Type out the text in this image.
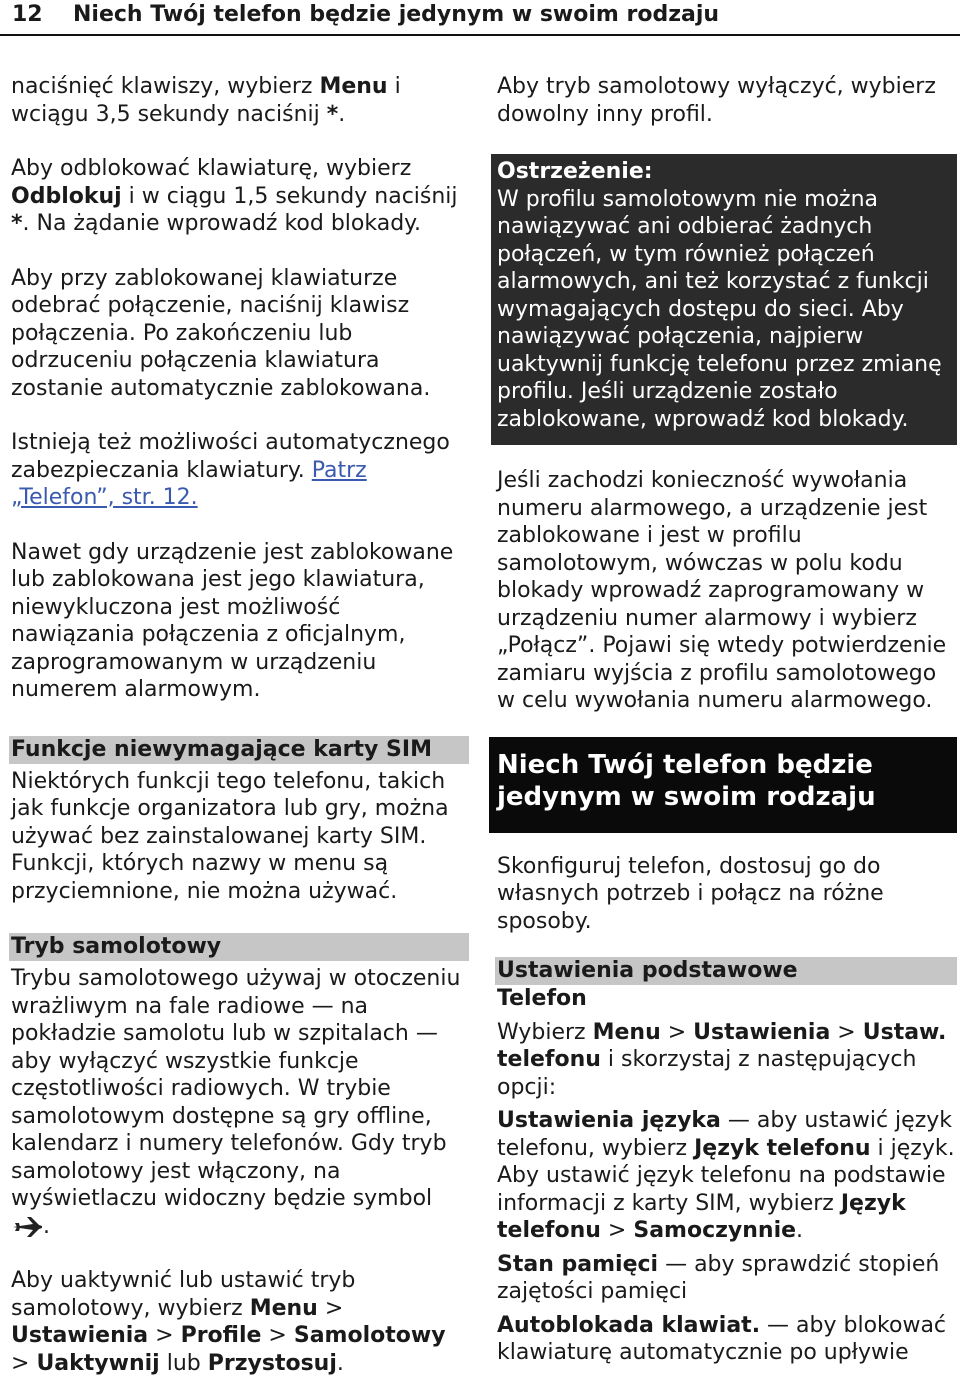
12 Niech Twój telefon będzie jedynym w swoim rodzaju

naciśnięć klawiszy, wybierz Menu i wciągu 3,5 sekundy naciśnij *.

Aby odblokować klawiaturę, wybierz Odblokuj i w ciągu 1,5 sekundy naciśnij *. Na żądanie wprowadź kod blokady.

Aby przy zablokowanej klawiaturze odebrać połączenie, naciśnij klawisz połączenia. Po zakończeniu lub odrzuceniu połączenia klawiatura zostanie automatycznie zablokowana.

Istnieją też możliwości automatycznego zabezpieczania klawiatury. Patrz „Telefon”, str. 12.

Nawet gdy urządzenie jest zablokowane lub zablokowana jest jego klawiatura, niewykluczona jest możliwość nawiązania połączenia z oficjalnym, zaprogramowanym w urządzeniu numerem alarmowym.

Funkcje niewymagające karty SIM

Niektórych funkcji tego telefonu, takich jak funkcje organizatora lub gry, można używać bez zainstalowanej karty SIM. Funkcji, których nazwy w menu są przyciemnione, nie można używać.

Tryb samolotowy

Trybu samolotowego używaj w otoczeniu wrażliwym na fale radiowe — na pokładzie samolotu lub w szpitalach — aby wyłączyć wszystkie funkcje częstotliwości radiowych. W trybie samolotowym dostępne są gry offline, kalendarz i numery telefonów. Gdy tryb samolotowy jest włączony, na wyświetlaczu widoczny będzie symbol
.

Aby uaktywnić lub ustawić tryb samolotowy, wybierz Menu > Ustawienia > Profile > Samolotowy > Uaktywnij lub Przystosuj.

Aby tryb samolotowy wyłączyć, wybierz dowolny inny profil.

Ostrzeżenie:

W profilu samolotowym nie można nawiązywać ani odbierać żadnych połączeń, w tym również połączeń alarmowych, ani też korzystać z funkcji wymagających dostępu do sieci. Aby nawiązywać połączenia, najpierw uaktywnij funkcję telefonu przez zmianę profilu. Jeśli urządzenie zostało zablokowane, wprowadź kod blokady.

Jeśli zachodzi konieczność wywołania numeru alarmowego, a urządzenie jest zablokowane i jest w profilu samolotowym, wówczas w polu kodu blokady wprowadź zaprogramowany w urządzeniu numer alarmowy i wybierz „Połącz”. Pojawi się wtedy potwierdzenie zamiaru wyjścia z profilu samolotowego w celu wywołania numeru alarmowego.

Niech Twój telefon będzie jedynym w swoim rodzaju

Skonfiguruj telefon, dostosuj go do własnych potrzeb i połącz na różne sposoby.

Ustawienia podstawowe

Telefon

Wybierz Menu > Ustawienia > Ustaw. telefonu i skorzystaj z następujących opcji:

Ustawienia języka — aby ustawić język telefonu, wybierz Język telefonu i język. Aby ustawić język telefonu na podstawie informacji z karty SIM, wybierz Język telefonu > Samoczynnie.

Stan pamięci — aby sprawdzić stopień zajętości pamięci

Autoblokada klawiat. — aby blokować klawiaturę automatycznie po upływie
